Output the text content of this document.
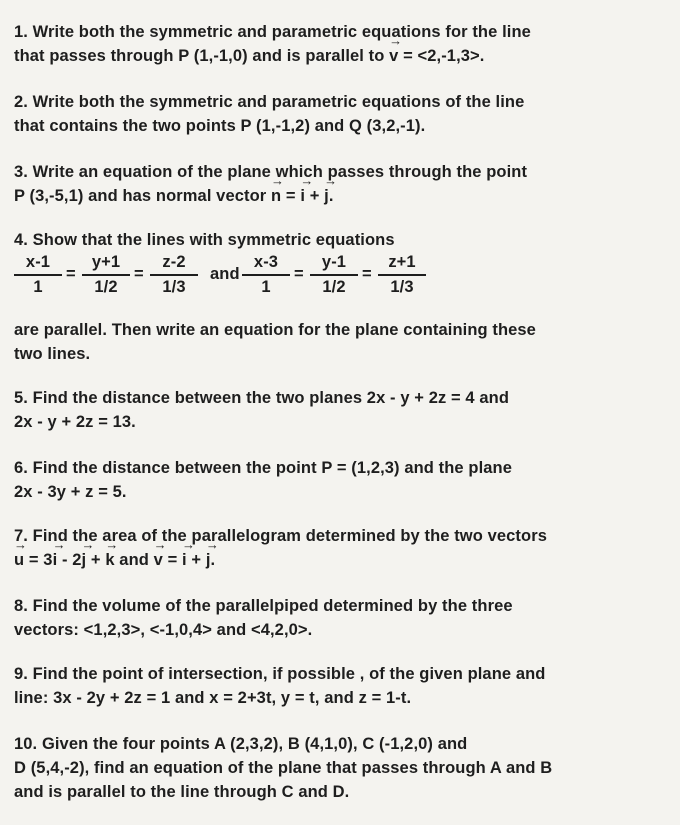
1. Write both the symmetric and parametric equations for the line
that passes through P (1,-1,0) and is parallel to → v = <2,-1,3>.
2. Write both the symmetric and parametric equations of the line
that contains the two points P (1,-1,2) and Q (3,2,-1).
3. Write an equation of the plane which passes through the point
P (3,-5,1) and has normal vector → n = → i + → j.
4. Show that the lines with symmetric equations
$\frac{x-1}{1} = \frac{y+1}{1/2} = \frac{z-2}{1/3}$ and $\frac{x-3}{1} = \frac{y-1}{1/2} = \frac{z+1}{1/3}$
are parallel. Then write an equation for the plane containing these
two lines.
5. Find the distance between the two planes 2x - y + 2z = 4 and
2x - y + 2z = 13.
6. Find the distance between the point P = (1,2,3) and the plane
2x - 3y + z = 5.
7. Find the area of the parallelogram determined by the two vectors
→ u = 3→ i - 2→ j + → k and → v = → i + → j.
8. Find the volume of the parallelpiped determined by the three
vectors: <1,2,3>, <-1,0,4> and <4,2,0>.
9. Find the point of intersection, if possible , of the given plane and
line: 3x - 2y + 2z = 1 and x = 2+3t, y = t, and z = 1-t.
10. Given the four points A (2,3,2), B (4,1,0), C (-1,2,0) and
D (5,4,-2), find an equation of the plane that passes through A and B
and is parallel to the line through C and D.
